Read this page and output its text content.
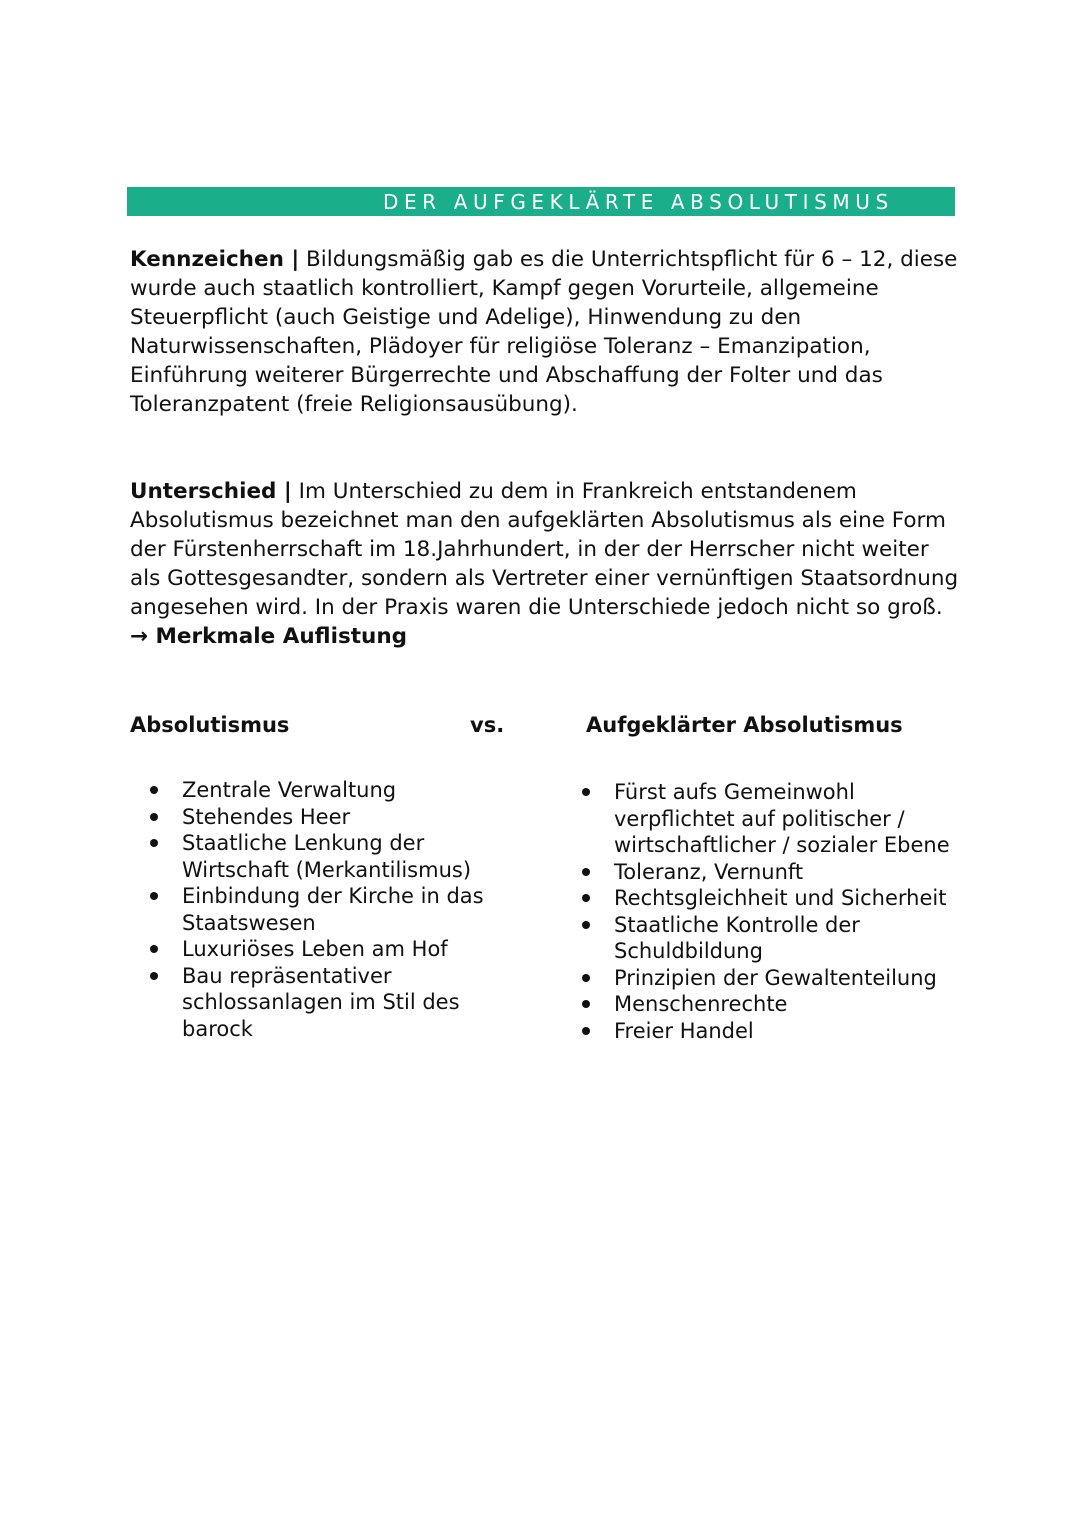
DER AUFGEKLÄRTE ABSOLUTISMUS

Kennzeichen | Bildungsmäßig gab es die Unterrichtspflicht für 6 – 12, diese wurde auch staatlich kontrolliert, Kampf gegen Vorurteile, allgemeine Steuerpflicht (auch Geistige und Adelige), Hinwendung zu den Naturwissenschaften, Plädoyer für religiöse Toleranz – Emanzipation, Einführung weiterer Bürgerrechte und Abschaffung der Folter und das Toleranzpatent (freie Religionsausübung).

Unterschied | Im Unterschied zu dem in Frankreich entstandenem Absolutismus bezeichnet man den aufgeklärten Absolutismus als eine Form der Fürstenherrschaft im 18.Jahrhundert, in der der Herrscher nicht weiter als Gottesgesandter, sondern als Vertreter einer vernünftigen Staatsordnung angesehen wird. In der Praxis waren die Unterschiede jedoch nicht so groß. → Merkmale Auflistung

Absolutismus	vs.	Aufgeklärter Absolutismus
Zentrale Verwaltung
Stehendes Heer
Staatliche Lenkung der Wirtschaft (Merkantilismus)
Einbindung der Kirche in das Staatswesen
Luxuriöses Leben am Hof
Bau repräsentativer schlossanlagen im Stil des barock
Fürst aufs Gemeinwohl verpflichtet auf politischer / wirtschaftlicher / sozialer Ebene
Toleranz, Vernunft
Rechtsgleichheit und Sicherheit
Staatliche Kontrolle der Schuldbildung
Prinzipien der Gewaltenteilung
Menschenrechte
Freier Handel
